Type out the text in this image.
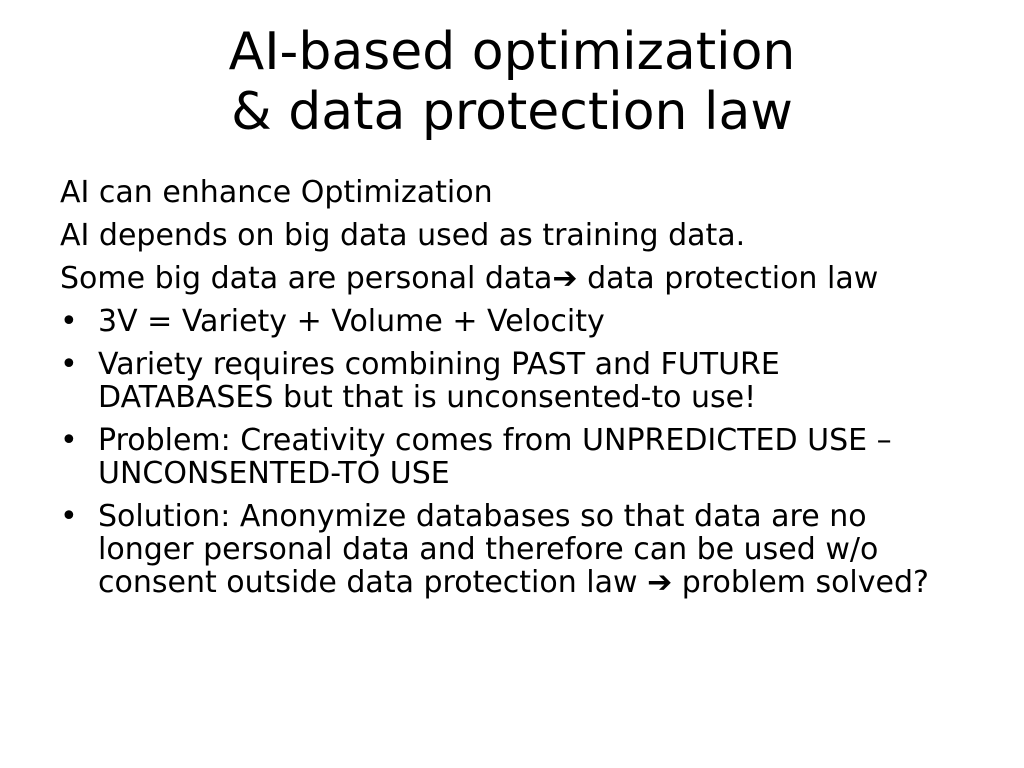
AI-based optimization
& data protection law

AI can enhance Optimization

AI depends on big data used as training data.

Some big data are personal data➔ data protection law

• 3V = Variety + Volume + Velocity
• Variety requires combining PAST and FUTURE DATABASES but that is unconsented-to use!
• Problem: Creativity comes from UNPREDICTED USE – UNCONSENTED-TO USE
• Solution: Anonymize databases so that data are no longer personal data and therefore can be used w/o consent outside data protection law ➔ problem solved?
